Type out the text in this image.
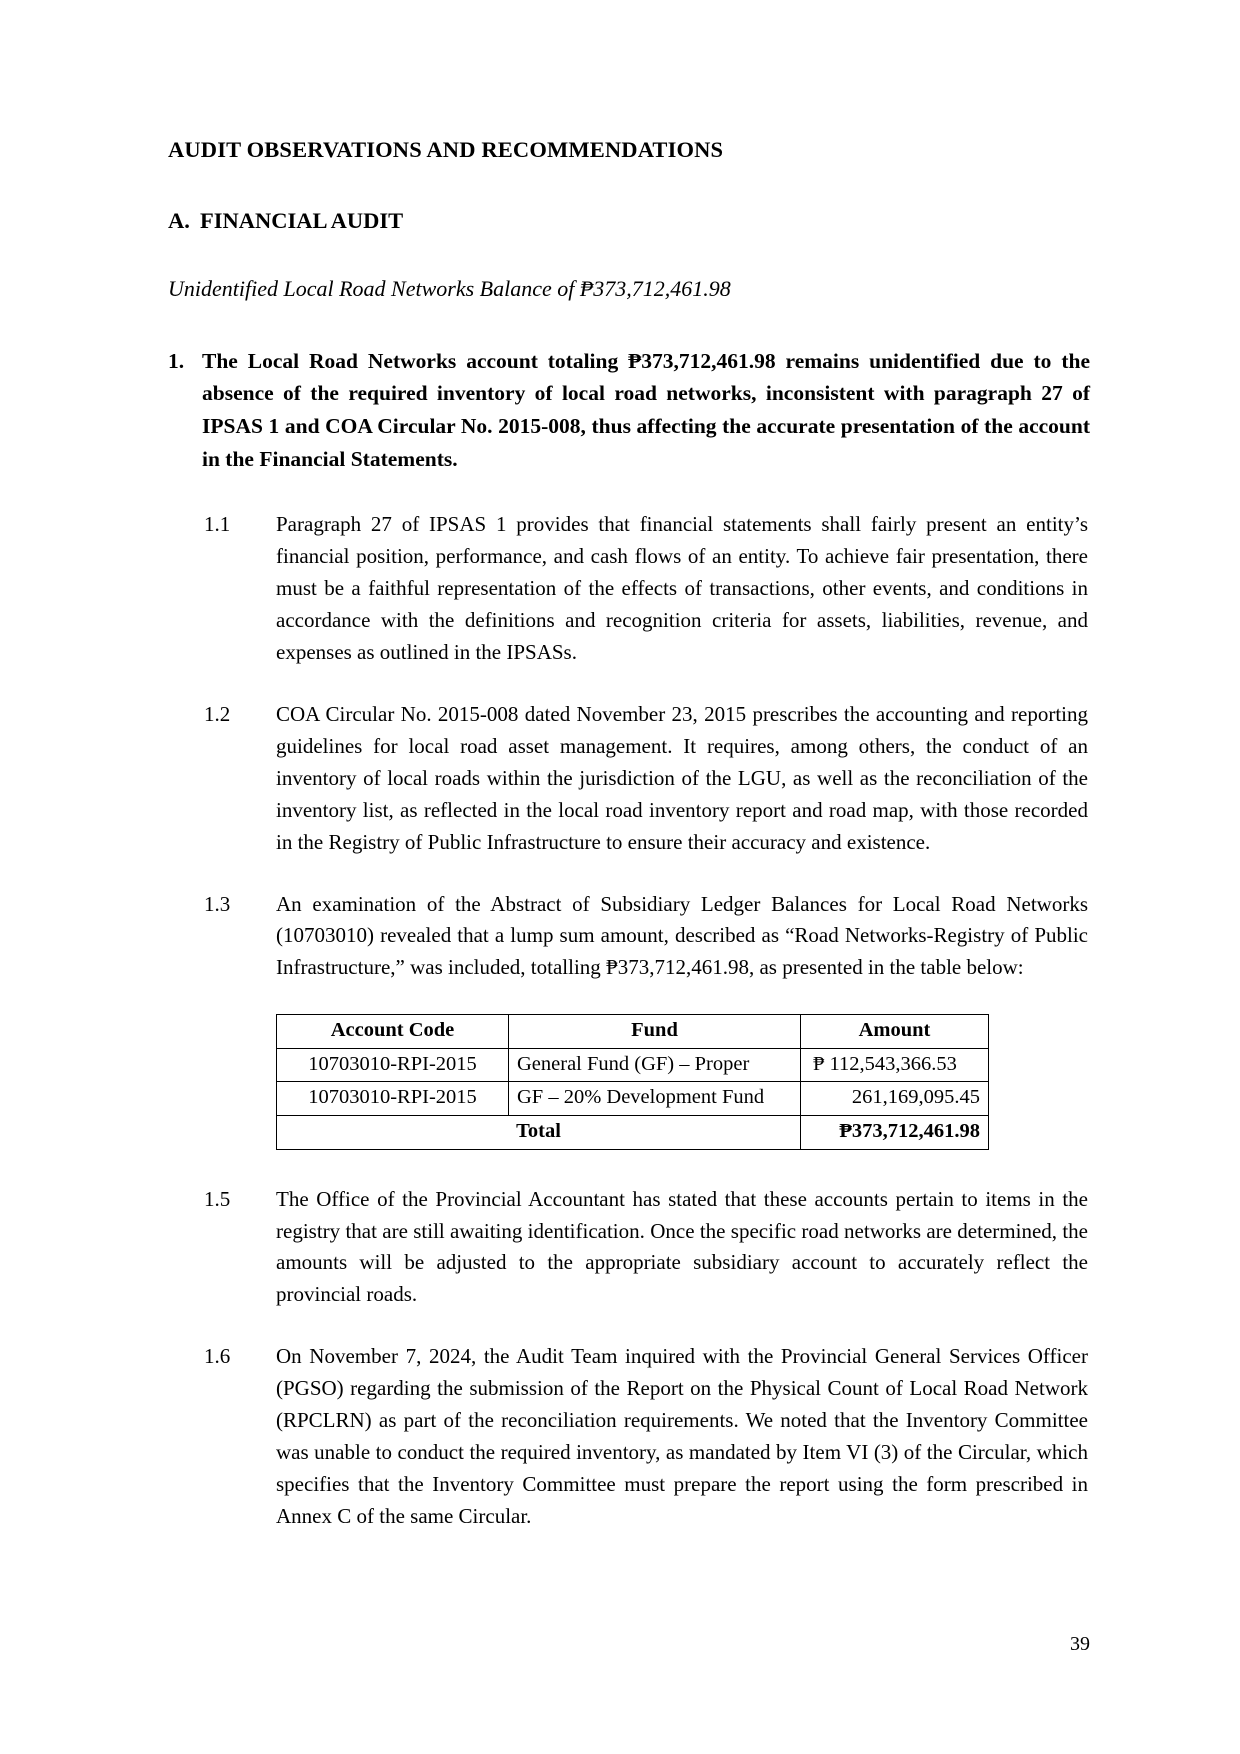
AUDIT OBSERVATIONS AND RECOMMENDATIONS
A. FINANCIAL AUDIT

Unidentified Local Road Networks Balance of ₱373,712,461.98

1. The Local Road Networks account totaling ₱373,712,461.98 remains unidentified due to the absence of the required inventory of local road networks, inconsistent with paragraph 27 of IPSAS 1 and COA Circular No. 2015-008, thus affecting the accurate presentation of the account in the Financial Statements.
1.1	Paragraph 27 of IPSAS 1 provides that financial statements shall fairly present an entity’s financial position, performance, and cash flows of an entity. To achieve fair presentation, there must be a faithful representation of the effects of transactions, other events, and conditions in accordance with the definitions and recognition criteria for assets, liabilities, revenue, and expenses as outlined in the IPSASs.
1.2	COA Circular No. 2015-008 dated November 23, 2015 prescribes the accounting and reporting guidelines for local road asset management. It requires, among others, the conduct of an inventory of local roads within the jurisdiction of the LGU, as well as the reconciliation of the inventory list, as reflected in the local road inventory report and road map, with those recorded in the Registry of Public Infrastructure to ensure their accuracy and existence.
1.3	An examination of the Abstract of Subsidiary Ledger Balances for Local Road Networks (10703010) revealed that a lump sum amount, described as “Road Networks-Registry of Public Infrastructure,” was included, totalling ₱373,712,461.98, as presented in the table below:
Account Code	Fund	Amount
10703010-RPI-2015	General Fund (GF) – Proper	₱ 112,543,366.53
10703010-RPI-2015	GF – 20% Development Fund	261,169,095.45
Total		₱373,712,461.98
1.5	The Office of the Provincial Accountant has stated that these accounts pertain to items in the registry that are still awaiting identification. Once the specific road networks are determined, the amounts will be adjusted to the appropriate subsidiary account to accurately reflect the provincial roads.
1.6	On November 7, 2024, the Audit Team inquired with the Provincial General Services Officer (PGSO) regarding the submission of the Report on the Physical Count of Local Road Network (RPCLRN) as part of the reconciliation requirements. We noted that the Inventory Committee was unable to conduct the required inventory, as mandated by Item VI (3) of the Circular, which specifies that the Inventory Committee must prepare the report using the form prescribed in Annex C of the same Circular.
39
